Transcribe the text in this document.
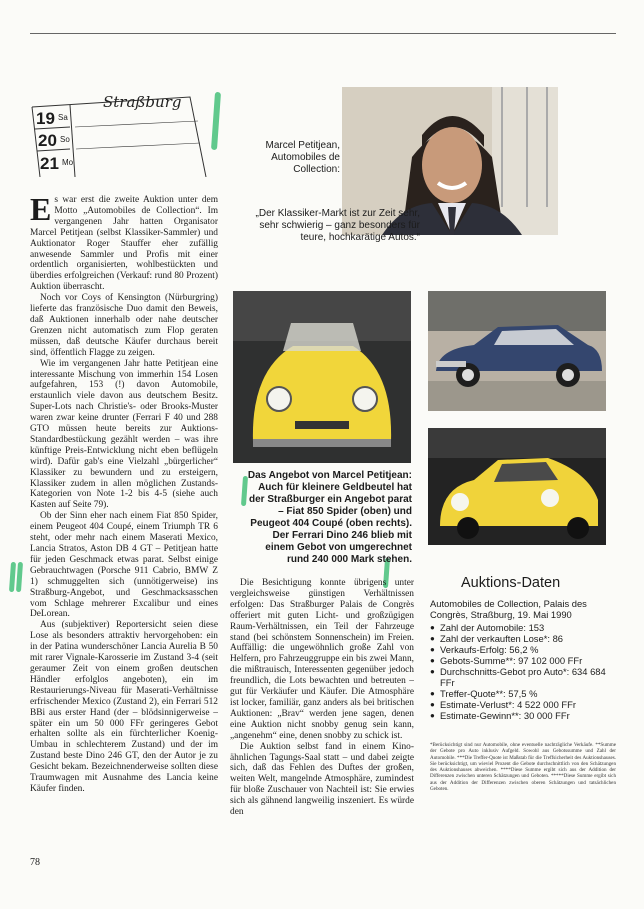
19 Sa
20 So
21 Mo
Straßburg
Marcel Petitjean, Automobiles de Collection:
„Der Klassiker-Markt ist zur Zeit sehr, sehr schwierig – ganz besonders für teure, hochkarätige Autos.“
Das Angebot von Marcel Petitjean: Auch für kleinere Geldbeutel hat der Straßburger ein Angebot parat – Fiat 850 Spider (oben) und Peugeot 404 Coupé (oben rechts). Der Ferrari Dino 246 blieb mit einem Gebot von umgerechnet rund 240 000 Mark stehen.

Es war erst die zweite Auktion unter dem Motto „Automobiles de Collection“. Im vergangenen Jahr hatten Organisator Marcel Petitjean (selbst Klassiker-Sammler) und Auktionator Roger Stauffer eher zufällig anwesende Sammler und Profis mit einer ordentlich organisierten, wohlbestückten und überdies erfolgreichen (Verkauf: rund 80 Prozent) Auktion überrascht.

Noch vor Coys of Kensington (Nürburgring) lieferte das französische Duo damit den Beweis, daß Auktionen innerhalb oder nahe deutscher Grenzen nicht automatisch zum Flop geraten müssen, daß deutsche Käufer durchaus bereit sind, öffentlich Flagge zu zeigen.

Wie im vergangenen Jahr hatte Petitjean eine interessante Mischung von immerhin 154 Losen aufgefahren, 153 (!) davon Automobile, erstaunlich viele davon aus deutschem Besitz. Super-Lots nach Christie's- oder Brooks-Muster waren zwar keine drunter (Ferrari F 40 und 288 GTO müssen heute bereits zur Auktions-Standardbestückung gezählt werden – was ihre künftige Preis-Entwicklung nicht eben beflügeln wird). Dafür gab's eine Vielzahl „bürgerlicher“ Klassiker zu bewundern und zu ersteigern, Klassiker zudem in allen möglichen Zustands-Kategorien von Note 1-2 bis 4-5 (siehe auch Kasten auf Seite 79).

Ob der Sinn eher nach einem Fiat 850 Spider, einem Peugeot 404 Coupé, einem Triumph TR 6 steht, oder mehr nach einem Maserati Mexico, Lancia Stratos, Aston DB 4 GT – Petitjean hatte für jeden Geschmack etwas parat. Selbst einige Gebrauchtwagen (Porsche 911 Cabrio, BMW Z 1) schmuggelten sich (unnötigerweise) ins Straßburg-Angebot, und Geschmacksasschen vom Schlage mehrerer Excalibur und eines DeLorean.

Aus (subjektiver) Reportersicht seien diese Lose als besonders attraktiv hervorgehoben: ein in der Patina wunderschöner Lancia Aurelia B 50 mit rarer Vignale-Karosserie im Zustand 3-4 (seit geraumer Zeit von einem großen deutschen Händler erfolglos angeboten), ein im Restaurierungs-Niveau für Maserati-Verhältnisse erfrischender Mexico (Zustand 2), ein Ferrari 512 BBi aus erster Hand (der – blödsinnigerweise – später ein um 50 000 FFr geringeres Gebot erhalten sollte als ein fürchterlicher Koenig-Umbau in schlechterem Zustand) und der im Zustand beste Dino 246 GT, den der Autor je zu Gesicht bekam. Bezeichnenderweise sollten diese Traumwagen mit Ausnahme des Lancia keine Käufer finden.

Die Besichtigung konnte übrigens unter vergleichsweise günstigen Verhältnissen erfolgen: Das Straßburger Palais de Congrès offeriert mit guten Licht- und großzügigen Raum-Verhältnissen, ein Teil der Fahrzeuge stand (bei schönstem Sonnenschein) im Freien. Auffällig: die ungewöhnlich große Zahl von Helfern, pro Fahrzeuggruppe ein bis zwei Mann, die mißtrauisch, Interessenten gegenüber jedoch freundlich, die Lots bewachten und betreuten – gut für Verkäufer und Käufer. Die Atmosphäre ist locker, familiär, ganz anders als bei britischen Auktionen: „Brav“ werden jene sagen, denen eine Auktion nicht snobby genug sein kann, „angenehm“ eine, denen snobby zu schick ist.

Die Auktion selbst fand in einem Kino-ähnlichen Tagungs-Saal statt – und dabei zeigte sich, daß das Fehlen des Duftes der großen, weiten Welt, mangelnde Atmosphäre, zumindest für bloße Zuschauer von Nachteil ist: Sie erwies sich als gähnend langweilig inszeniert. Es würde den

Auktions-Daten
Automobiles de Collection, Palais des Congrès, Straßburg, 19. Mai 1990
● Zahl der Automobile: 153
● Zahl der verkauften Lose*: 86
● Verkaufs-Erfolg: 56,2 %
● Gebots-Summe**: 97 102 000 FFr
● Durchschnitts-Gebot pro Auto*: 634 684 FFr
● Treffer-Quote**: 57,5 %
● Estimate-Verlust*: 4 522 000 FFr
● Estimate-Gewinn**: 30 000 FFr
*Berücksichtigt sind nur Automobile, ohne eventuelle nachträgliche Verkäufe. **Summe der Gebote pro Auto inklusiv Aufgeld. Sowohl aus Gebotssumme und Zahl der Automobile. ***Die Treffer-Quote ist Maßstab für die Treffsicherheit des Auktionshauses. Sie berücksichtigt, um wieviel Prozent die Gebote durchschnittlich von den Schätzungen des Auktionshauses abweichen. ****Diese Summe ergibt sich aus der Addition der Differenzen zwischen unteren Schätzungen und Geboten. *****Diese Summe ergibt sich aus der Addition der Differenzen zwischen oberen Schätzungen und tatsächlichen Geboten.
78
